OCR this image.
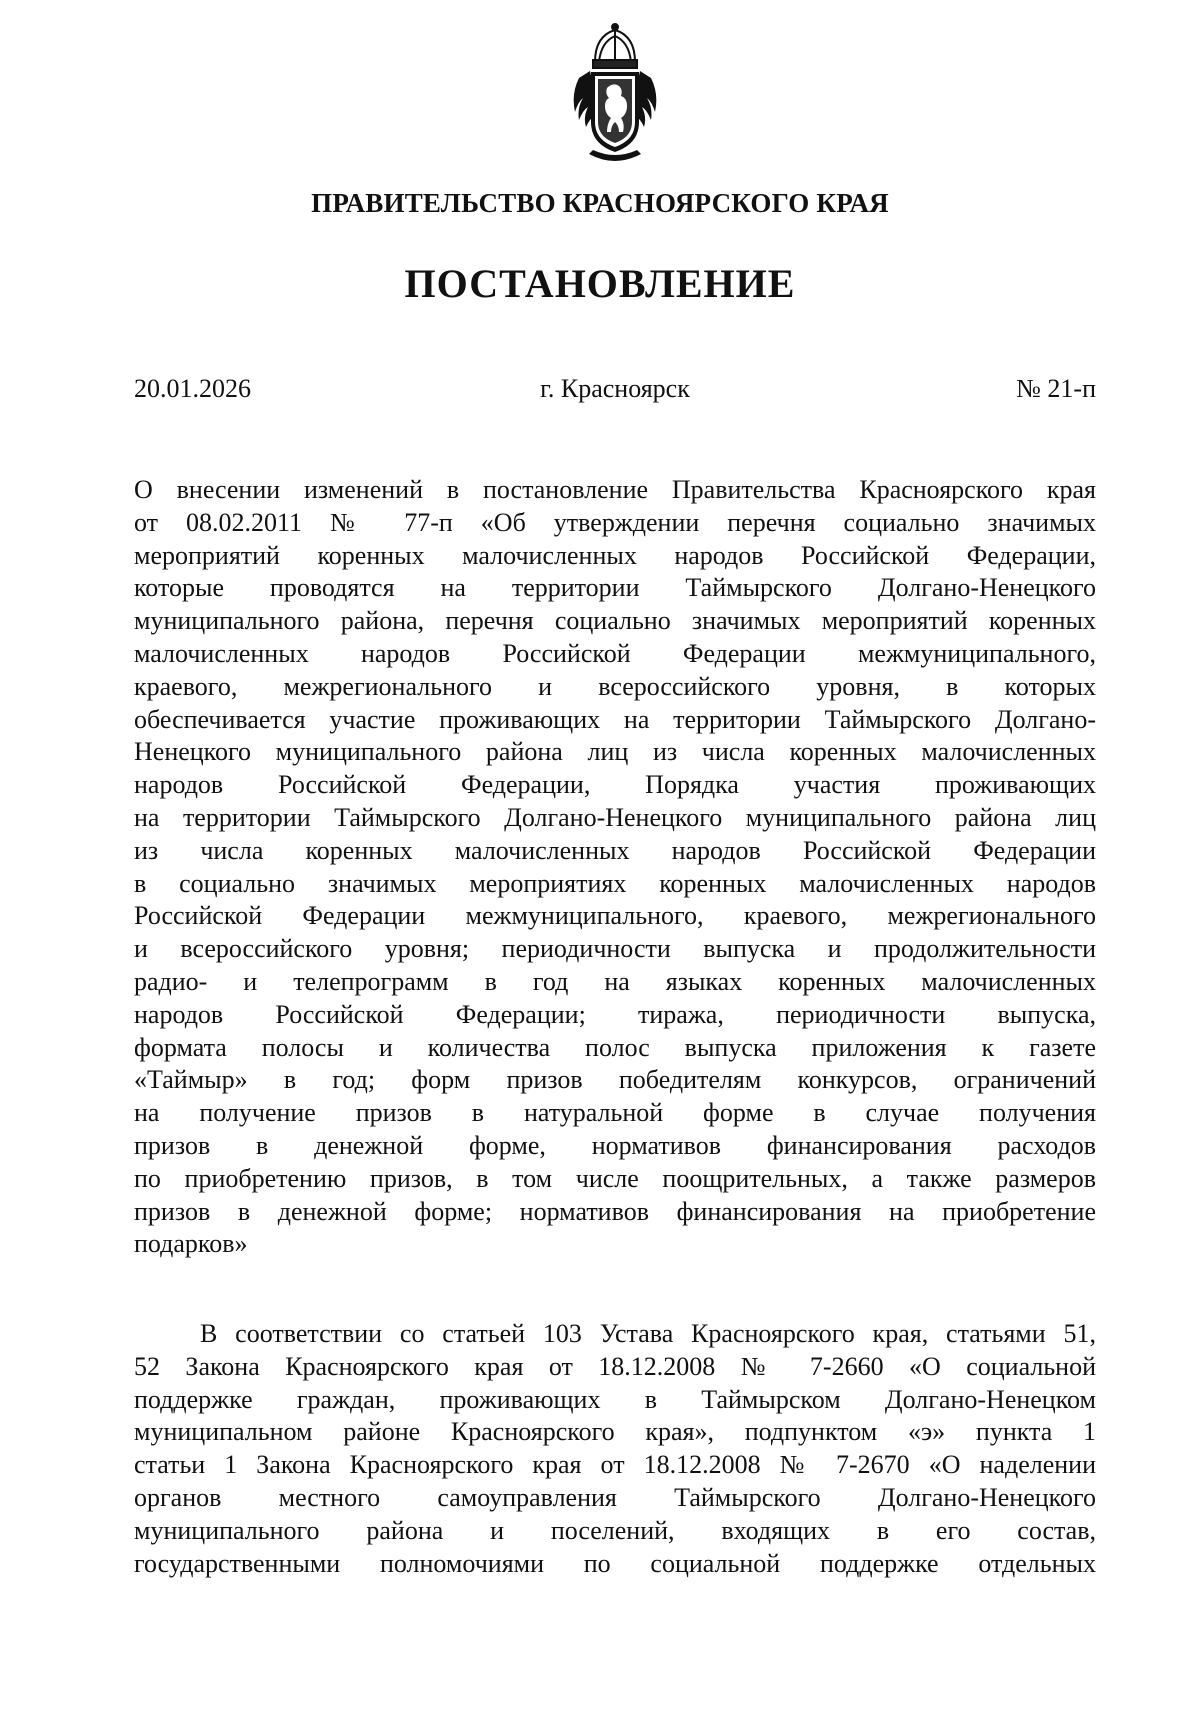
ПРАВИТЕЛЬСТВО КРАСНОЯРСКОГО КРАЯ
ПОСТАНОВЛЕНИЕ
20.01.2026	г. Красноярск	№ 21-п
О внесении изменений в постановление Правительства Красноярского края
от 08.02.2011 № 77-п «Об утверждении перечня социально значимых
мероприятий коренных малочисленных народов Российской Федерации,
которые проводятся на территории Таймырского Долгано-Ненецкого
муниципального района, перечня социально значимых мероприятий коренных
малочисленных народов Российской Федерации межмуниципального,
краевого, межрегионального и всероссийского уровня, в которых
обеспечивается участие проживающих на территории Таймырского Долгано-
Ненецкого муниципального района лиц из числа коренных малочисленных
народов Российской Федерации, Порядка участия проживающих
на территории Таймырского Долгано-Ненецкого муниципального района лиц
из числа коренных малочисленных народов Российской Федерации
в социально значимых мероприятиях коренных малочисленных народов
Российской Федерации межмуниципального, краевого, межрегионального
и всероссийского уровня; периодичности выпуска и продолжительности
радио- и телепрограмм в год на языках коренных малочисленных
народов Российской Федерации; тиража, периодичности выпуска,
формата полосы и количества полос выпуска приложения к газете
«Таймыр» в год; форм призов победителям конкурсов, ограничений
на получение призов в натуральной форме в случае получения
призов в денежной форме, нормативов финансирования расходов
по приобретению призов, в том числе поощрительных, а также размеров
призов в денежной форме; нормативов финансирования на приобретение
подарков»
В соответствии со статьей 103 Устава Красноярского края, статьями 51,
52 Закона Красноярского края от 18.12.2008 № 7-2660 «О социальной
поддержке граждан, проживающих в Таймырском Долгано-Ненецком
муниципальном районе Красноярского края», подпунктом «э» пункта 1
статьи 1 Закона Красноярского края от 18.12.2008 № 7-2670 «О наделении
органов местного самоуправления Таймырского Долгано-Ненецкого
муниципального района и поселений, входящих в его состав,
государственными полномочиями по социальной поддержке отдельных
